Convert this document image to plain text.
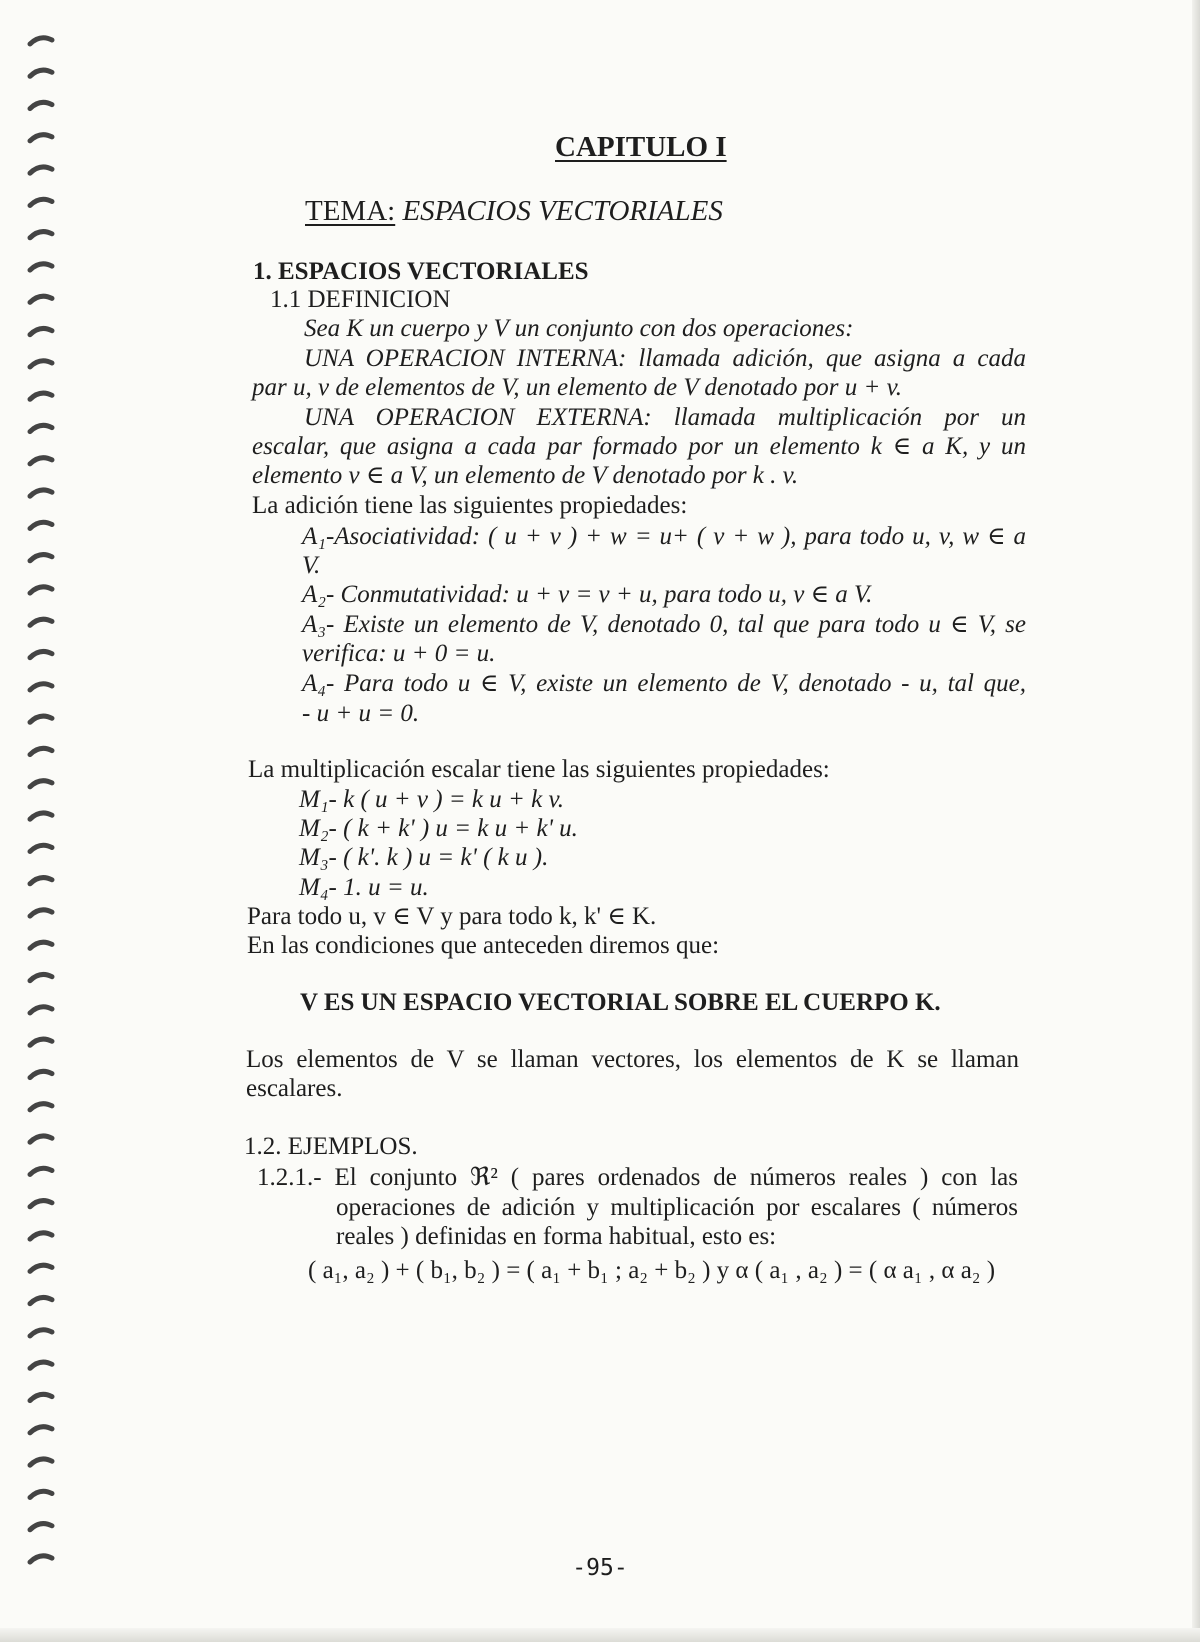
CAPITULO I
TEMA: ESPACIOS VECTORIALES
1. ESPACIOS VECTORIALES
1.1 DEFINICION
Sea K un cuerpo y V un conjunto con dos operaciones:
UNA OPERACION INTERNA: llamada adición, que asigna a cada
par u, v de elementos de V, un elemento de V denotado por u + v.
UNA OPERACION EXTERNA: llamada multiplicación por un
escalar, que asigna a cada par formado por un elemento k ∈ a K, y un
elemento v ∈ a V, un elemento de V denotado por k . v.
La adición tiene las siguientes propiedades:
A₁-Asociatividad: ( u + v ) + w = u+ ( v + w ), para todo u, v, w ∈ a
V.
A₂- Conmutatividad: u + v = v + u, para todo u, v ∈ a V.
A₃- Existe un elemento de V, denotado 0, tal que para todo u ∈ V, se
verifica: u + 0 = u.
A₄- Para todo u ∈ V, existe un elemento de V, denotado - u, tal que,
- u + u = 0.
La multiplicación escalar tiene las siguientes propiedades:
M₁- k ( u + v ) = k u + k v.
M₂- ( k + k' ) u = k u + k' u.
M₃- ( k'. k ) u = k' ( k u ).
M₄- 1. u = u.
Para todo u, v ∈ V y para todo k, k' ∈ K.
En las condiciones que anteceden diremos que:
V ES UN ESPACIO VECTORIAL SOBRE EL CUERPO K.
Los elementos de V se llaman vectores, los elementos de K se llaman
escalares.
1.2. EJEMPLOS.
1.2.1.- El conjunto ℜ² ( pares ordenados de números reales ) con las
operaciones de adición y multiplicación por escalares ( números
reales ) definidas en forma habitual, esto es:
( a₁, a₂ ) + ( b₁, b₂ ) = ( a₁ + b₁ ; a₂ + b₂ ) y α ( a₁ , a₂ ) = ( α a₁ , α a₂ )
-95-
